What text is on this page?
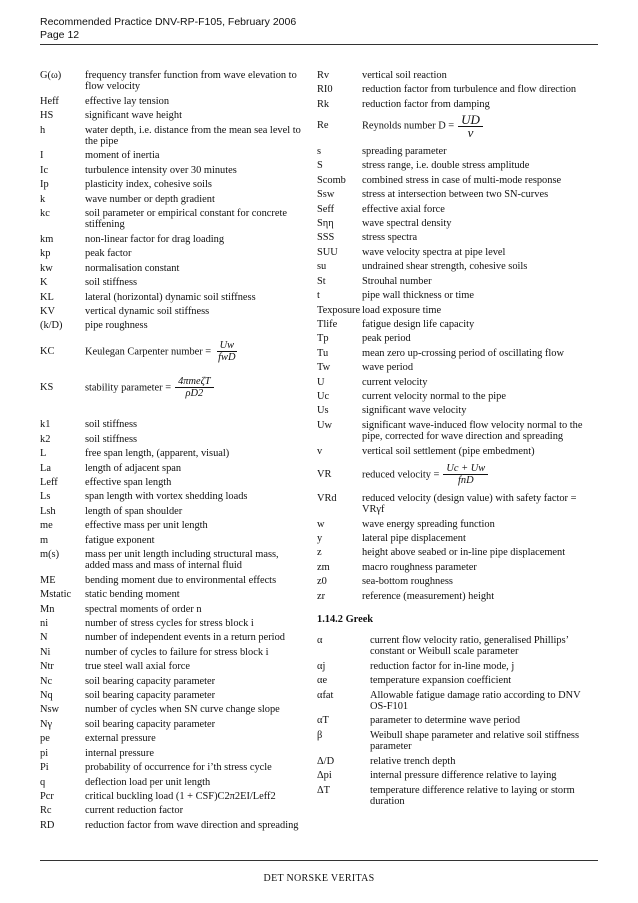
Recommended Practice DNV-RP-F105, February 2006
Page 12
G(ω)	frequency transfer function from wave elevation to flow velocity
Heff	effective lay tension
HS	significant wave height
h	water depth, i.e. distance from the mean sea level to the pipe
I	moment of inertia
Ic	turbulence intensity over 30 minutes
Ip	plasticity index, cohesive soils
k	wave number or depth gradient
kc	soil parameter or empirical constant for concrete stiffening
km	non-linear factor for drag loading
kp	peak factor
kw	normalisation constant
K	soil stiffness
KL	lateral (horizontal) dynamic soil stiffness
KV	vertical dynamic soil stiffness
(k/D)	pipe roughness
KC	Keulegan Carpenter number = $\frac{Uw}{\text{fwD}}$
KS	stability parameter = $\frac{\text{4πmeζT}}{\rho D2}$
k1	soil stiffness
k2	soil stiffness
L	free span length, (apparent, visual)
La	length of adjacent span
Leff	effective span length
Ls	span length with vortex shedding loads
Lsh	length of span shoulder
me	effective mass per unit length
m	fatigue exponent
m(s)	mass per unit length including structural mass, added mass and mass of internal fluid
ME	bending moment due to environmental effects
Mstatic	static bending moment
Mn	spectral moments of order n
ni	number of stress cycles for stress block i
N	number of independent events in a return period
Ni	number of cycles to failure for stress block i
Ntr	true steel wall axial force
Nc	soil bearing capacity parameter
Nq	soil bearing capacity parameter
Nsw	number of cycles when SN curve change slope
Nγ	soil bearing capacity parameter
pe	external pressure
pi	internal pressure
Pi	probability of occurrence for i’th stress cycle
q	deflection load per unit length
Pcr	critical buckling load (1 + CSF)C2π2EI/Leff2
Rc	current reduction factor
RD	reduction factor from wave direction and spreading
Rv	vertical soil reaction
RI0	reduction factor from turbulence and flow direction
Rk	reduction factor from damping
Re	Reynolds number $D = \frac{UD}{\nu}$
s	spreading parameter
S	stress range, i.e. double stress amplitude
Scomb	combined stress in case of multi-mode response
Ssw	stress at intersection between two SN-curves
Seff	effective axial force
Sηη	wave spectral density
SSS	stress spectra
SUU	wave velocity spectra at pipe level
su	undrained shear strength, cohesive soils
St	Strouhal number
t	pipe wall thickness or time
Texposure load exposure time
Tlife	fatigue design life capacity
Tp	peak period
Tu	mean zero up-crossing period of oscillating flow
Tw	wave period
U	current velocity
Uc	current velocity normal to the pipe
Us	significant wave velocity
Uw	significant wave-induced flow velocity normal to the pipe, corrected for wave direction and spreading
v	vertical soil settlement (pipe embedment)
VR	reduced velocity = $\frac{Uc + Uw}{\text{fnD}}$
VRd	reduced velocity (design value) with safety factor = VRγf
w	wave energy spreading function
y	lateral pipe displacement
z	height above seabed or in-line pipe displacement
zm	macro roughness parameter
z0	sea-bottom roughness
zr	reference (measurement) height
1.14.2 Greek
α	current flow velocity ratio, generalised Phillips’ constant or Weibull scale parameter
αj	reduction factor for in-line mode, j
αe	temperature expansion coefficient
αfat	Allowable fatigue damage ratio according to DNV OS-F101
αT	parameter to determine wave period
β	Weibull shape parameter and relative soil stiffness parameter
Δ/D	relative trench depth
Δpi	internal pressure difference relative to laying
ΔT	temperature difference relative to laying or storm duration
DET NORSKE VERITAS
